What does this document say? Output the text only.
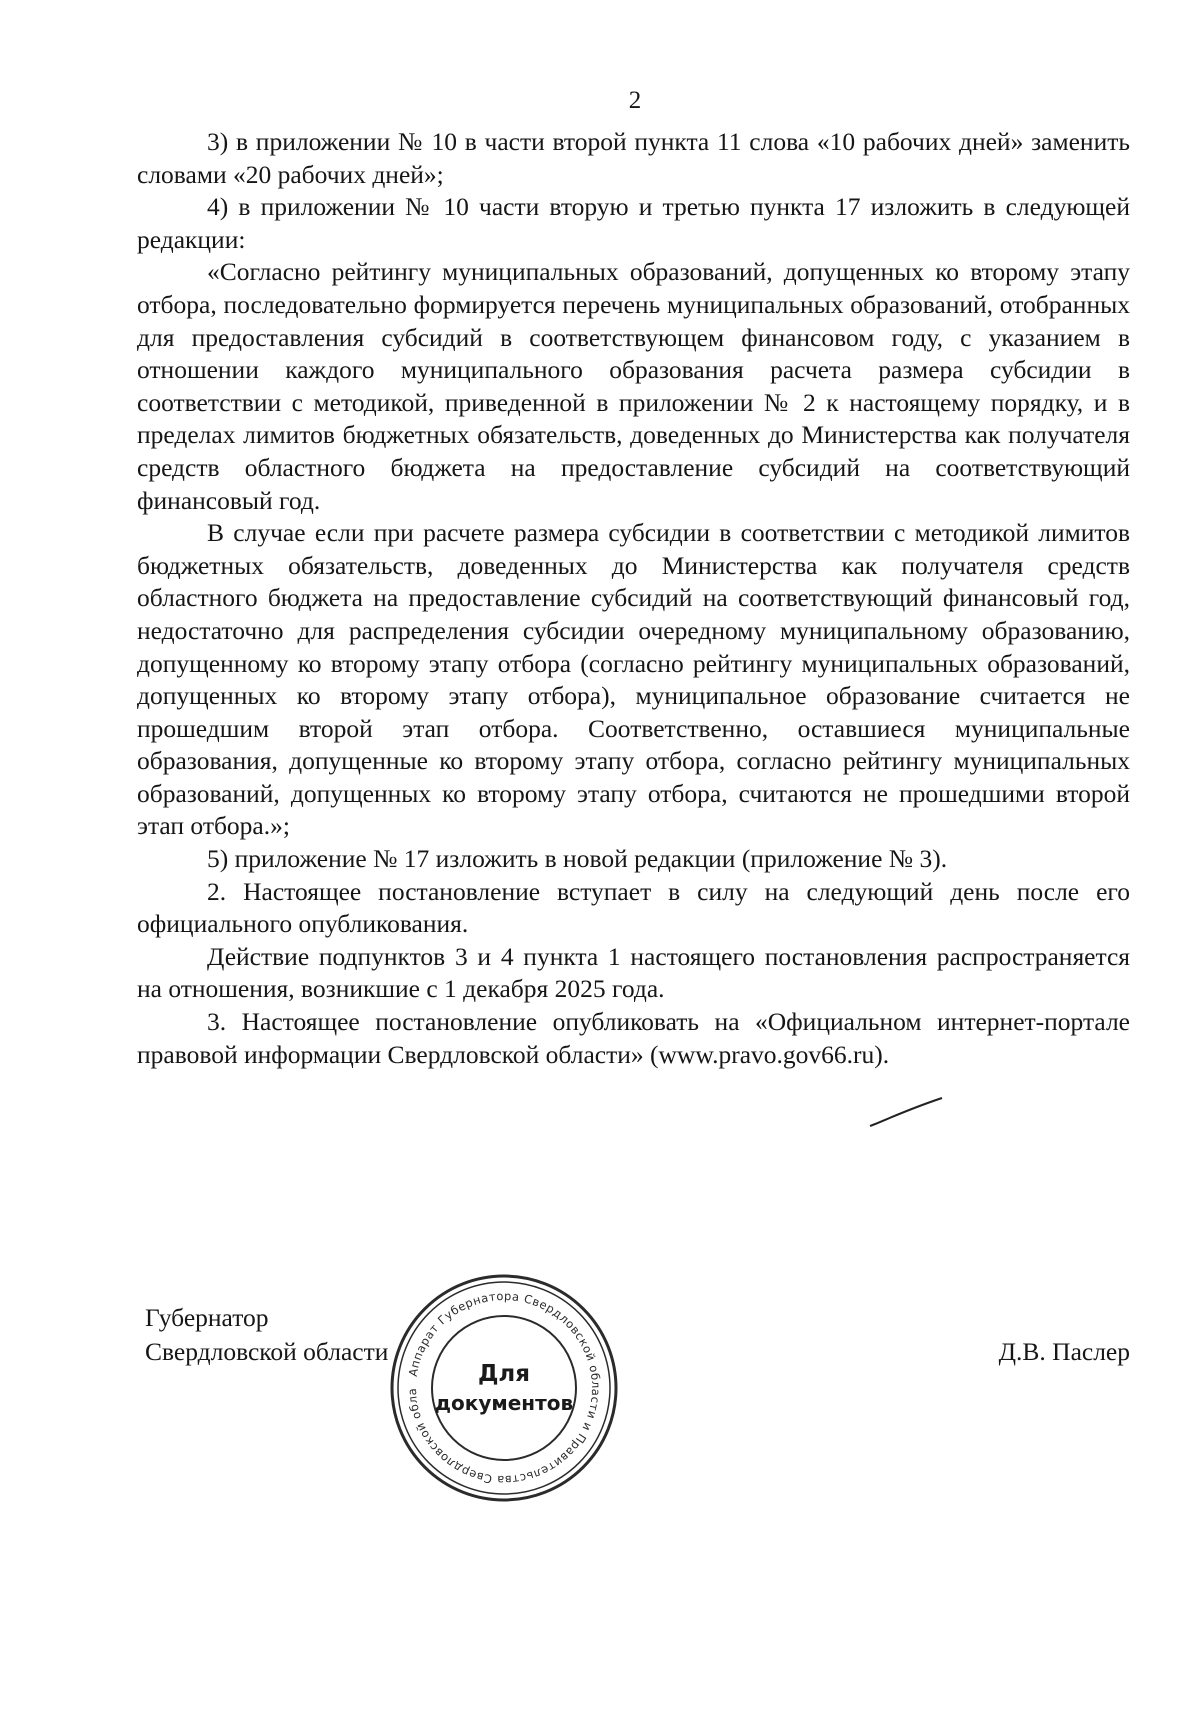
2

3) в приложении № 10 в части второй пункта 11 слова «10 рабочих дней» заменить словами «20 рабочих дней»;

4) в приложении № 10 части вторую и третью пункта 17 изложить в следующей редакции:

«Согласно рейтингу муниципальных образований, допущенных ко второму этапу отбора, последовательно формируется перечень муниципальных образований, отобранных для предоставления субсидий в соответствующем финансовом году, с указанием в отношении каждого муниципального образования расчета размера субсидии в соответствии с методикой, приведенной в приложении № 2 к настоящему порядку, и в пределах лимитов бюджетных обязательств, доведенных до Министерства как получателя средств областного бюджета на предоставление субсидий на соответствующий финансовый год.

В случае если при расчете размера субсидии в соответствии с методикой лимитов бюджетных обязательств, доведенных до Министерства как получателя средств областного бюджета на предоставление субсидий на соответствующий финансовый год, недостаточно для распределения субсидии очередному муниципальному образованию, допущенному ко второму этапу отбора (согласно рейтингу муниципальных образований, допущенных ко второму этапу отбора), муниципальное образование считается не прошедшим второй этап отбора. Соответственно, оставшиеся муниципальные образования, допущенные ко второму этапу отбора, согласно рейтингу муниципальных образований, допущенных ко второму этапу отбора, считаются не прошедшими второй этап отбора.»;

5) приложение № 17 изложить в новой редакции (приложение № 3).

2. Настоящее постановление вступает в силу на следующий день после его официального опубликования.

Действие подпунктов 3 и 4 пункта 1 настоящего постановления распространяется на отношения, возникшие с 1 декабря 2025 года.

3. Настоящее постановление опубликовать на «Официальном интернет-портале правовой информации Свердловской области» (www.pravo.gov66.ru).

Губернатор
Свердловской области	Д.В. Паслер
Аппарат Губернатора Свердловской области и Правительства Свердловской обла
Для
документов
